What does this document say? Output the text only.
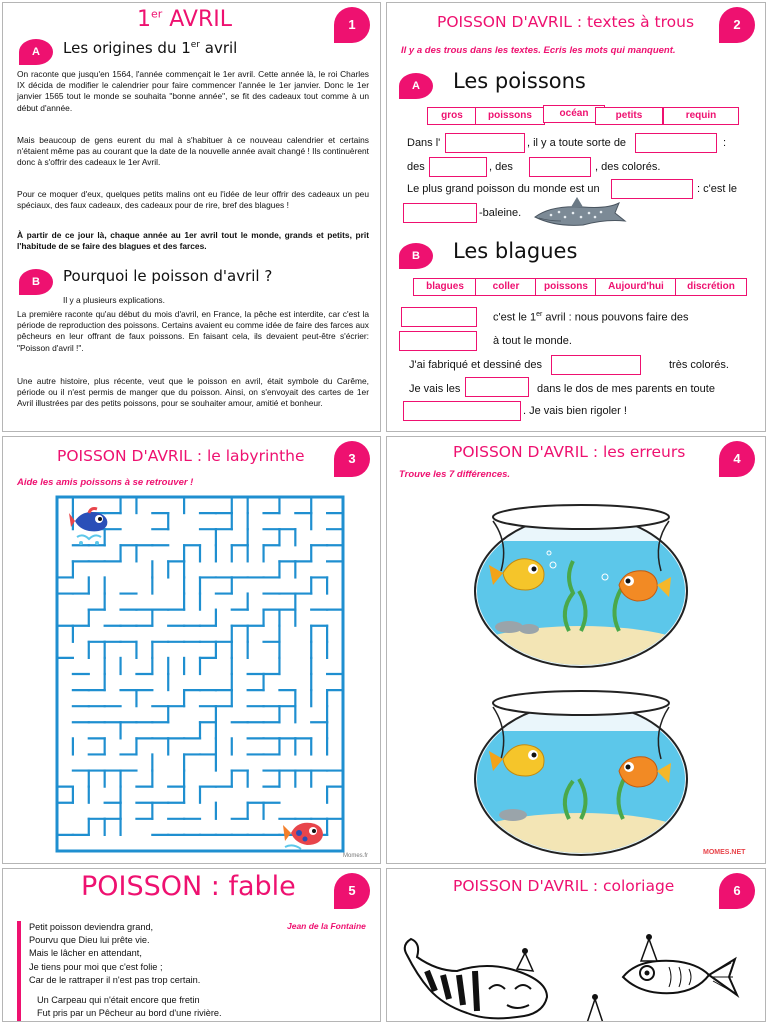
1er AVRIL	1
A	Les origines du 1er avril
On raconte que jusqu'en 1564, l'année commençait le 1er avril. Cette année là, le roi Charles IX décida de modifier le calendrier pour faire commencer l'année le 1er janvier. Donc le 1er janvier 1565 tout le monde se souhaita "bonne année", se fit des cadeaux tout comme à un début d'année.
Mais beaucoup de gens eurent du mal à s'habituer à ce nouveau calendrier et certains n'étaient même pas au courant que la date de la nouvelle année avait changé ! Ils continuèrent donc à s'offrir des cadeaux le 1er Avril.
Pour ce moquer d'eux, quelques petits malins ont eu l'idée de leur offrir des cadeaux un peu spéciaux, des faux cadeaux, des cadeaux pour de rire, bref des blagues !
À partir de ce jour là, chaque année au 1er avril tout le monde, grands et petits, prit l'habitude de se faire des blagues et des farces.
B	Pourquoi le poisson d'avril ?
Il y a plusieurs explications.
La première raconte qu'au début du mois d'avril, en France, la pêche est interdite, car c'est la période de reproduction des poissons. Certains avaient eu comme idée de faire des farces aux pêcheurs en leur offrant de faux poissons. En faisant cela, ils devaient peut-être s'écrier: "Poisson d'avril !".
Une autre histoire, plus récente, veut que le poisson en avril, était symbole du Carême, période ou il n'est permis de manger que du poisson. Ainsi, on s'envoyait des cartes de 1er Avril illustrées par des petits poissons, pour se souhaiter amour, amitié et bonheur.
POISSON D'AVRIL : textes à trous	2
Il y a des trous dans les textes. Ecris les mots qui manquent.
A	Les poissons
gros	poissons	océan	petits	requin
Dans l'	, il y a toute sorte de	:
des	, des	, des colorés.
Le plus grand poisson du monde est un	: c'est le
-baleine.
B	Les blagues
blagues	coller	poissons	Aujourd'hui	discrétion
c'est le 1er avril : nous pouvons faire des
à tout le monde.
J'ai fabriqué et dessiné des	très colorés.
Je vais les	dans le dos de mes parents en toute
. Je vais bien rigoler !
POISSON D'AVRIL : le labyrinthe	3
Aide les amis poissons à se retrouver !
Momes.fr
POISSON D'AVRIL : les erreurs	4
Trouve les 7 différences.
MOMES.NET
POISSON : fable	5
Jean de la Fontaine
Petit poisson deviendra grand,
Pourvu que Dieu lui prête vie.
Mais le lâcher en attendant,
Je tiens pour moi que c'est folie ;
Car de le rattraper il n'est pas trop certain.
Un Carpeau qui n'était encore que fretin
Fut pris par un Pêcheur au bord d'une rivière.
POISSON D'AVRIL : coloriage	6
